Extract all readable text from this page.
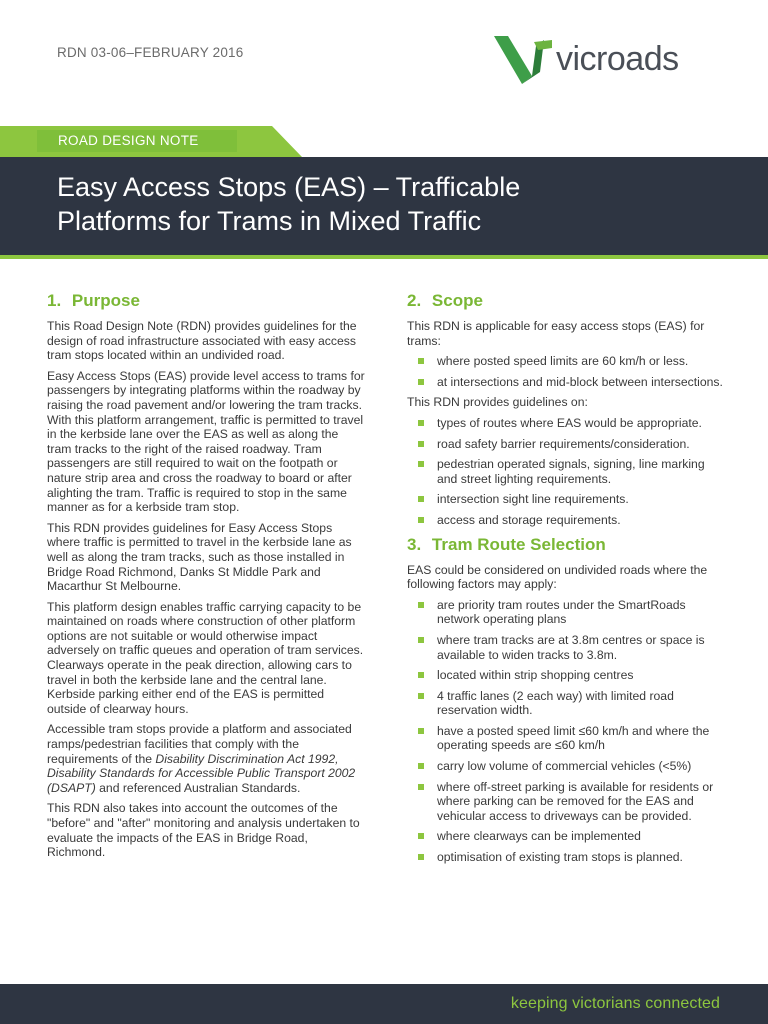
RDN 03-06–FEBRUARY 2016	vicroads
ROAD DESIGN NOTE
Easy Access Stops (EAS) – Trafficable
Platforms for Trams in Mixed Traffic
1. Purpose

This Road Design Note (RDN) provides guidelines for the design of road infrastructure associated with easy access tram stops located within an undivided road.

Easy Access Stops (EAS) provide level access to trams for passengers by integrating platforms within the roadway by raising the road pavement and/or lowering the tram tracks. With this platform arrangement, traffic is permitted to travel in the kerbside lane over the EAS as well as along the tram tracks to the right of the raised roadway. Tram passengers are still required to wait on the footpath or nature strip area and cross the roadway to board or after alighting the tram. Traffic is required to stop in the same manner as for a kerbside tram stop.

This RDN provides guidelines for Easy Access Stops where traffic is permitted to travel in the kerbside lane as well as along the tram tracks, such as those installed in Bridge Road Richmond, Danks St Middle Park and Macarthur St Melbourne.

This platform design enables traffic carrying capacity to be maintained on roads where construction of other platform options are not suitable or would otherwise impact adversely on traffic queues and operation of tram services. Clearways operate in the peak direction, allowing cars to travel in both the kerbside lane and the central lane. Kerbside parking either end of the EAS is permitted outside of clearway hours.

Accessible tram stops provide a platform and associated ramps/pedestrian facilities that comply with the requirements of the Disability Discrimination Act 1992, Disability Standards for Accessible Public Transport 2002 (DSAPT) and referenced Australian Standards.

This RDN also takes into account the outcomes of the "before" and "after" monitoring and analysis undertaken to evaluate the impacts of the EAS in Bridge Road, Richmond.

2. Scope

This RDN is applicable for easy access stops (EAS) for trams:

where posted speed limits are 60 km/h or less.
at intersections and mid-block between intersections.

This RDN provides guidelines on:

types of routes where EAS would be appropriate.
road safety barrier requirements/consideration.
pedestrian operated signals, signing, line marking and street lighting requirements.
intersection sight line requirements.
access and storage requirements.
3. Tram Route Selection

EAS could be considered on undivided roads where the following factors may apply:

are priority tram routes under the SmartRoads network operating plans
where tram tracks are at 3.8m centres or space is available to widen tracks to 3.8m.
located within strip shopping centres
4 traffic lanes (2 each way) with limited road reservation width.
have a posted speed limit ≤60 km/h and where the operating speeds are ≤60 km/h
carry low volume of commercial vehicles (<5%)
where off-street parking is available for residents or where parking can be removed for the EAS and vehicular access to driveways can be provided.
where clearways can be implemented
optimisation of existing tram stops is planned.
keeping victorians connected
